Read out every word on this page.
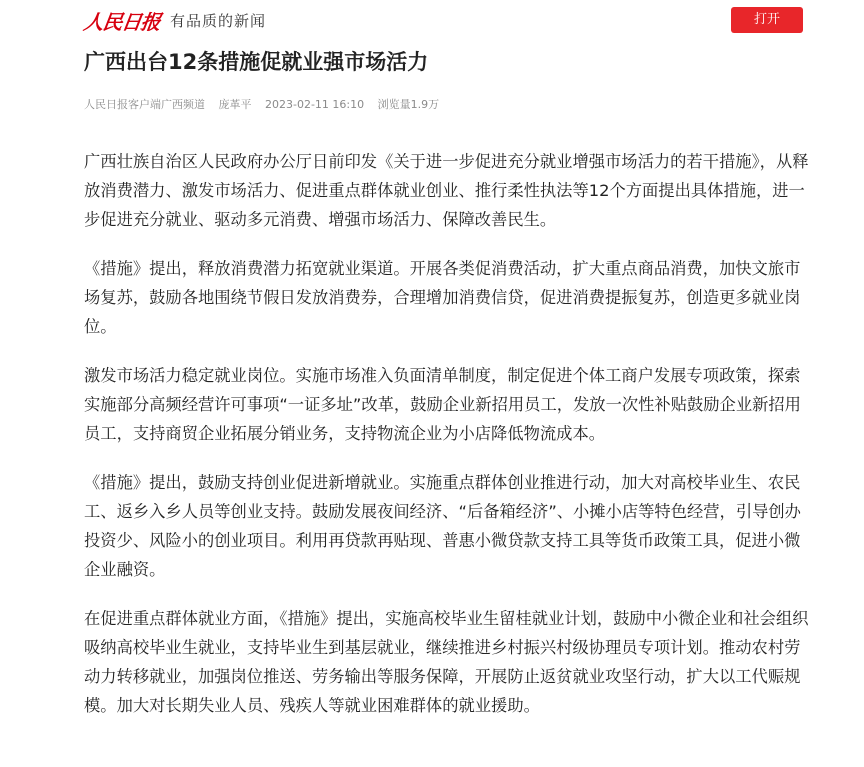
人民日报 有品质的新闻	打开
广西出台12条措施促就业强市场活力
人民日报客户端广西频道 庞革平 2023-02-11 16:10 浏览量1.9万

广西壮族自治区人民政府办公厅日前印发《关于进一步促进充分就业增强市场活力的若干措施》，从释放消费潜力、激发市场活力、促进重点群体就业创业、推行柔性执法等12个方面提出具体措施，进一步促进充分就业、驱动多元消费、增强市场活力、保障改善民生。

《措施》提出，释放消费潜力拓宽就业渠道。开展各类促消费活动，扩大重点商品消费，加快文旅市场复苏，鼓励各地围绕节假日发放消费券，合理增加消费信贷，促进消费提振复苏，创造更多就业岗位。

激发市场活力稳定就业岗位。实施市场准入负面清单制度，制定促进个体工商户发展专项政策，探索实施部分高频经营许可事项“一证多址”改革，鼓励企业新招用员工，发放一次性补贴鼓励企业新招用员工，支持商贸企业拓展分销业务，支持物流企业为小店降低物流成本。

《措施》提出，鼓励支持创业促进新增就业。实施重点群体创业推进行动，加大对高校毕业生、农民工、返乡入乡人员等创业支持。鼓励发展夜间经济、“后备箱经济”、小摊小店等特色经营，引导创办投资少、风险小的创业项目。利用再贷款再贴现、普惠小微贷款支持工具等货币政策工具，促进小微企业融资。

在促进重点群体就业方面，《措施》提出，实施高校毕业生留桂就业计划，鼓励中小微企业和社会组织吸纳高校毕业生就业，支持毕业生到基层就业，继续推进乡村振兴村级协理员专项计划。推动农村劳动力转移就业，加强岗位推送、劳务输出等服务保障，开展防止返贫就业攻坚行动，扩大以工代赈规模。加大对长期失业人员、残疾人等就业困难群体的就业援助。
